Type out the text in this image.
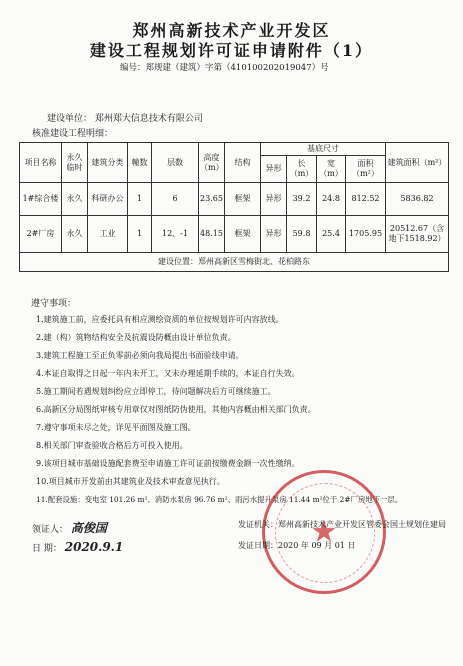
郑州高新技术产业开发区
建设工程规划许可证申请附件（1）
编号：郑规建（建筑）字第（410100202019047）号
建设单位： 郑州郑大信息技术有限公司
核准建设工程明细：
项目名称	永久临时	建筑分类	幢数	层数	高度（m）	结构	基底尺寸				建筑面积（m²）
							异形	长（m）	宽（m）	面积（m²）	
1#综合楼	永久	科研办公	1	6	23.65	框架	异形	39.2	24.8	812.52	5836.82
2#厂房	永久	工业	1	12、-1	48.15	框架	异形	59.8	25.4	1705.95	20512.67（含地下1518.92）
建设位置：郑州高新区雪梅街北、花柏路东											
遵守事项：
1.建筑施工前，应委托具有相应测绘资质的单位按规划许可内容放线。
2.建（构）筑物结构安全及抗震设防概由设计单位负责。
3.建筑工程施工至正负零前必须向我局提出书面验线申请。
4.本证自取得之日起一年内未开工，又未办理延期手续的，本证自行失效。
5.施工期间若遇规划纠纷应立即停工，待问题解决后方可继续施工。
6.高新区分局图纸审核专用章仅对图纸防伪使用，其他内容概由相关部门负责。
7.遵守事项未尽之处，详见平面图及施工图。
8.相关部门审查验收合格后方可投入使用。
9.该项目城市基础设施配套费至申请施工许可证前按缴费金额一次性缴纳。
10.项目城市开发前由其建筑业及技术审查意见执行。
11.配套设施：变电室 101.26 m²、消防水泵房 96.76 m²、雨污水提升泵房 11.44 m²位于 2#厂房地下一层。
★
领证人： 高俊国
日 期： 2020.9.1
发证机关：郑州高新技术产业开发区管委会国土规划住建局
发证日期：2020 年 09 月 01 日
